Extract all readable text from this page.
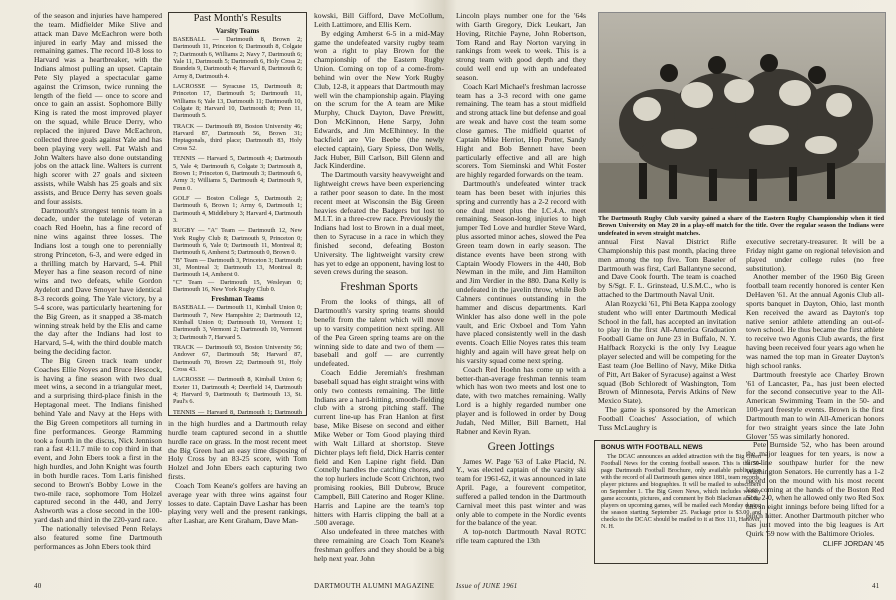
of the season and injuries have hampered the team. Midfielder Mike Slive and attack man Dave McEachron were both injured in early May and missed the remaining games. The record 10-8 loss to Harvard was a heartbreaker, with the Indians almost pulling an upset. Captain Pete Sly played a spectacular game against the Crimson, twice running the length of the field — once to score and once to gain an assist. Sophomore Billy King is rated the most improved player on the squad, while Bruce Derry, who replaced the injured Dave McEachron, collected three goals against Yale and has been playing very well. Pat Walsh and John Walters have also done outstanding jobs on the attack line. Walters is current high scorer with 27 goals and sixteen assists, while Walsh has 25 goals and six assists, and Bruce Derry has seven goals and four assists.

Dartmouth's strongest tennis team in a decade, under the tutelage of veteran coach Red Hoehn, has a fine record of nine wins against three losses. The Indians lost a tough one to perennially strong Princeton, 6-3, and were edged in a thrilling match by Harvard, 5-4. Phil Meyer has a fine season record of nine wins and two defeats, while Gordon Aydelott and Dave Smoyer have identical 8-3 records going. The Yale victory, by a 5-4 score, was particularly heartening for the Big Green, as it snapped a 38-match winning streak held by the Elis and came the day after the Indians had lost to Harvard, 5-4, with the third double match being the deciding factor.

The Big Green track team under Coaches Ellie Noyes and Bruce Hescock, is having a fine season with two dual meet wins, a second in a triangular meet, and a surprising third-place finish in the Heptagonal meet. The Indians finished behind Yale and Navy at the Heps with the Big Green competitors all turning in fine performances. George Ramming took a fourth in the discus, Nick Jennison ran a fast 4:11.7 mile to cop third in that event, and John Ebers took a first in the high hurdles, and John Knight was fourth in both hurdle races. Tom Laris finished second to Brown's Bobby Lowe in the two-mile race, sophomore Tom Holzel captured second in the 440, and Jerry Ashworth was a close second in the 100-yard dash and third in the 220-yard race.

The nationally televised Penn Relays also featured some fine Dartmouth performances as John Ebers took third

Past Month's Results
Varsity Teams

BASEBALL — Dartmouth 8, Brown 2; Dartmouth 11, Princeton 6; Dartmouth 8, Colgate 7; Dartmouth 6, Williams 2; Navy 7, Dartmouth 6; Yale 11, Dartmouth 5; Dartmouth 6, Holy Cross 2; Brandeis 9, Dartmouth 4; Harvard 8, Dartmouth 6; Army 8, Dartmouth 4.

LACROSSE — Syracuse 15, Dartmouth 8; Princeton 17, Dartmouth 5; Dartmouth 11, Williams 6; Yale 13, Dartmouth 11; Dartmouth 10, Colgate 8; Harvard 10, Dartmouth 8; Penn 11, Dartmouth 5.

TRACK — Dartmouth 89, Boston University 46; Harvard 87, Dartmouth 56, Brown 31; Heptagonals, third place; Dartmouth 83, Holy Cross 52.

TENNIS — Harvard 5, Dartmouth 4; Dartmouth 5, Yale 4; Dartmouth 6, Colgate 3; Dartmouth 8, Brown 1; Princeton 6, Dartmouth 3; Dartmouth 6, Army 3; Williams 5, Dartmouth 4; Dartmouth 9, Penn 0.

GOLF — Boston College 5, Dartmouth 2; Dartmouth 6, Brown 1; Army 6, Dartmouth 1; Dartmouth 4, Middlebury 3; Harvard 4, Dartmouth 3.

RUGBY — "A" Team — Dartmouth 12, New York Rugby Club 8; Dartmouth 9, Princeton 0; Dartmouth 6, Yale 0; Dartmouth 11, Montreal 8; Dartmouth 6, Amherst 5; Dartmouth 0, Brown 0.

"B" Team — Dartmouth 3, Princeton 3; Dartmouth 31, Montreal 3; Dartmouth 13, Montreal 8; Dartmouth 14, Amherst 0.

"C" Team — Dartmouth 15, Wesleyan 0; Dartmouth 16, New York Rugby Club 0.

Freshman Teams

BASEBALL — Dartmouth 11, Kimball Union 0; Dartmouth 7, New Hampshire 2; Dartmouth 12, Kimball Union 0; Dartmouth 10, Vermont 1; Dartmouth 3, Vermont 2; Dartmouth 10, Vermont 3; Dartmouth 7, Harvard 5.

TRACK — Dartmouth 93, Boston University 56; Andover 67, Dartmouth 58; Harvard 87, Dartmouth 70, Brown 22; Dartmouth 91, Holy Cross 43.

LACROSSE — Dartmouth 8, Kimball Union 6; Exeter 11, Dartmouth 4; Deerfield 14, Dartmouth 4; Harvard 9, Dartmouth 6; Dartmouth 13, St. Paul's 6.

TENNIS — Harvard 8, Dartmouth 1; Dartmouth

in the high hurdles and a Dartmouth relay hurdle team captured second in a shuttle hurdle race on grass. In the most recent meet the Big Green had an easy time disposing of Holy Cross by an 83-25 score, with Tom Holzel and John Ebers each capturing two firsts.

Coach Tom Keane's golfers are having an average year with three wins against four losses to date. Captain Dave Lashar has been playing very well and the present rankings, after Lashar, are Kent Graham, Dave Man-

kowski, Bill Gifford, Dave McCollum, Leith Lattimore, and Ellis Kern.

By edging Amherst 6-5 in a mid-May game the undefeated varsity rugby team won a right to play Brown for the championship of the Eastern Rugby Union. Coming on top of a come-from-behind win over the New York Rugby Club, 12-8, it appears that Dartmouth may well win the championship again. Playing on the scrum for the A team are Mike Murphy, Chuck Dayton, Dave Prewitt, Don McKinnon, Hene Sarpy, John Edwards, and Jim McElhinney. In the backfield are Vie Beebe (the newly elected captain), Gary Spiess, Don Wells, Jack Huber, Bill Carlson, Bill Glenn and Jack Kinderdine.

The Dartmouth varsity heavyweight and lightweight crews have been experiencing a rather poor season to date. In the most recent meet at Wisconsin the Big Green heavies defeated the Badgers but lost to M.I.T. in a three-crew race. Previously the Indians had lost to Brown in a dual meet, then to Syracuse in a race in which they finished second, defeating Boston University. The lightweight varsity crew has yet to edge an opponent, having lost to seven crews during the season.

Freshman Sports

From the looks of things, all of Dartmouth's varsity spring teams should benefit from the talent which will move up to varsity competition next spring. All of the Pea Green spring teams are on the winning side to date and two of them — baseball and golf — are currently undefeated.

Coach Eddie Jeremiah's freshman baseball squad has eight straight wins with only two contests remaining. The little Indians are a hard-hitting, smooth-fielding club with a strong pitching staff. The current line-up has Fran Hanlon at first base, Mike Bisese on second and either Mike Weber or Tom Good playing third with Walt Lillard at shortstop. Steve Dichter plays left field, Dick Harris center field and Ken Lapine right field. Dan Cotnelly handles the catching chores, and the top hurlers include Scott Crichton, two promising rookies, Bill Dubrow, Bruce Campbell, Bill Caterino and Roger Kline. Harris and Lapine are the team's top hitters with Harris clipping the ball at a .500 average.

Also undefeated in three matches with three remaining are Coach Tom Keane's freshman golfers and they should be a big help next year. John

Lincoln plays number one for the '64s with Garth Gregory, Dick Leukart, Jan Hoving, Ritchie Payne, John Robertson, Tom Rand and Ray Norton varying in rankings from week to week. This is a strong team with good depth and they could well end up with an undefeated season.

Coach Karl Michael's freshman lacrosse team has a 3-3 record with one game remaining. The team has a stout midfield and strong attack line but defense and goal are weak and have cost the team some close games. The midfield quartet of Captain Mike Herriot, Hop Potter, Sandy Hight and Bob Bennett have been particularly effective and all are high scorers. Tom Sieminski and Whit Foster are highly regarded forwards on the team.

Dartmouth's undefeated winter track team has been beset with injuries this spring and currently has a 2-2 record with one dual meet plus the I.C.4.A. meet remaining. Season-long injuries to high jumper Ted Love and hurdler Steve Ward, plus assorted minor aches, slowed the Pea Green team down in early season. The distance events have been strong with Captain Woody Flowers in the 440, Bob Newman in the mile, and Jim Hamilton and Jim Verdier in the 880. Dana Kelly is undefeated in the javelin throw, while Bob Cahners continues outstanding in the hammer and discus departments. Karl Winkler has also done well in the pole vault, and Eric Oxboel and Tom Yahn have placed consistently well in the dash events. Coach Ellie Noyes rates this team highly and again will have great help on his varsity squad come next spring.

Coach Red Hoehn has come up with a better-than-average freshman tennis team which has won two meets and lost one to date, with two matches remaining. Wally Lord is a highly regarded number one player and is followed in order by Doug Judah, Ned Miller, Bill Barnett, Hal Rabner and Kevin Ryan.

Green Jottings

James W. Page '63 of Lake Placid, N. Y., was elected captain of the varsity ski team for 1961-62, it was announced in late April. Page, a fourevent competitor, suffered a palled tendon in the Dartmouth Carnival meet this past winter and was only able to compete in the Nordic events for the balance of the year.

A top-notch Dartmouth Naval ROTC rifle team captured the 13th

The Dartmouth Rugby Club varsity gained a share of the Eastern Rugby Championship when it tied Brown University on May 20 in a play-off match for the title. Over the regular season the Indians were undefeated in seven straight matches.

annual First Naval District Rifle Championship this past month, placing three men among the top five. Tom Baseler of Dartmouth was first, Carl Ballantyne second, and Dave Cook fourth. The team is coached by S/Sgt. F. L. Grinstead, U.S.M.C., who is attached to the Dartmouth Naval Unit.

Alan Rozycki '61, Phi Beta Kappa zoology student who will enter Dartmouth Medical School in the fall, has accepted an invitation to play in the first All-America Graduation Football Game on June 23 in Buffalo, N. Y. Halfback Rozycki is the only Ivy League player selected and will be competing for the East team (Joe Bellino of Navy, Mike Ditka of Pitt, Art Baker of Syracuse) against a West squad (Bob Schloredt of Washington, Tom Brown of Minnesota, Pervis Atkins of New Mexico State).

The game is sponsored by the American Football Coaches' Association, of which Tuss McLaughry is

BONUS WITH FOOTBALL NEWS

The DCAC announces an added attraction with the Big Green Football News for the coming football season. This is the 50-page Dartmouth Football Brochure, only available publication with the record of all Dartmouth games since 1881, team records, player pictures and biographies. It will be mailed to subscribers on September 1. The Big Green News, which includes weekly game accounts, pictures, and comment by Bob Blackman and the players on upcoming games, will be mailed each Monday during the season starting September 25. Package price is $3.00 and checks to the DCAC should be mailed to it at Box 111, Hanover, N. H.

executive secretary-treasurer. It will be a Friday night game on regional television and played under college rules (no free substitution).

Another member of the 1960 Big Green football team recently honored is center Ken DeHaven '61. At the annual Agonis Club all-sports banquet in Dayton, Ohio, last month Ken received the award as Dayton's top native senior athlete attending an out-of-town school. He thus became the first athlete to receive two Agonis Club awards, the first having been received four years ago when he was named the top man in Greater Dayton's high school ranks.

Dartmouth freestyle ace Charley Brown '61 of Lancaster, Pa., has just been elected for the second consecutive year to the All-American Swimming Team in the 50- and 100-yard freestyle events. Brown is the first Dartmouth man to win All-American honors for two straight years since the late John Glover '55 was similarly honored.

Pete Burnside '52, who has been around the major leagues for ten years, is now a first-line southpaw hurler for the new Washington Senators. He currently has a 1-2 record on the mound with his most recent loss coming at the hands of the Boston Red Sox, 2-0, when he allowed only two Red Sox hits in eight innings before being lifted for a pinch hitter. Another Dartmouth pitcher who has just moved into the big leagues is Art Quirk '59 now with the Baltimore Orioles.

CLIFF JORDAN '45
40	DARTMOUTH ALUMNI MAGAZINE	Issue of JUNE 1961	41
